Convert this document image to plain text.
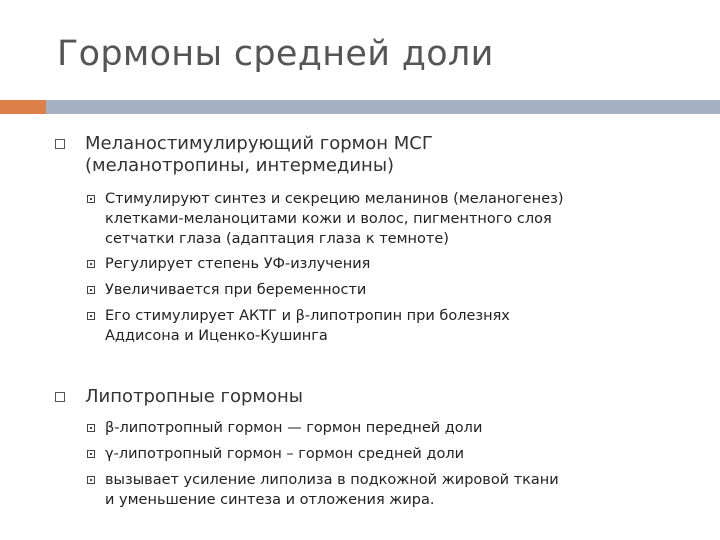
Гормоны средней доли
Меланостимулирующий гормон МСГ
(меланотропины, интермедины)
Стимулируют синтез и секрецию меланинов (меланогенез)
клетками-меланоцитами кожи и волос, пигментного слоя
сетчатки глаза (адаптация глаза к темноте)
Регулирует степень УФ-излучения
Увеличивается при беременности
Его стимулирует АКТГ и β-липотропин при болезнях
Аддисона и Иценко-Кушинга
Липотропные гормоны
β-липотропный гормон — гормон передней доли
γ-липотропный гормон – гормон средней доли
вызывает усиление липолиза в подкожной жировой ткани
и уменьшение синтеза и отложения жира.
